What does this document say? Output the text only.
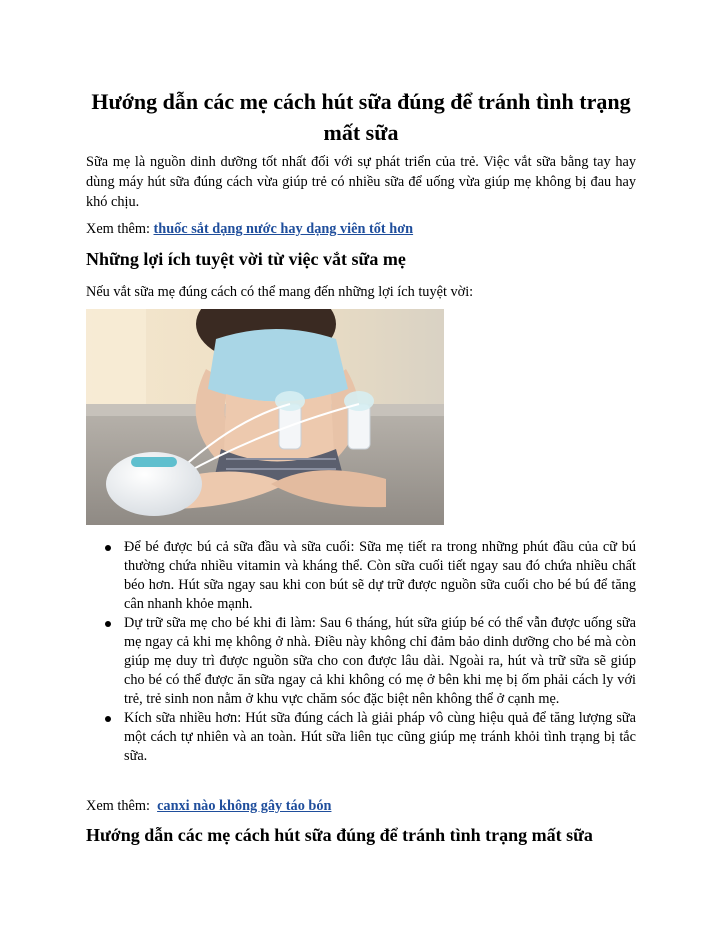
Hướng dẫn các mẹ cách hút sữa đúng để tránh tình trạng mất sữa

Sữa mẹ là nguồn dinh dưỡng tốt nhất đối với sự phát triển của trẻ. Việc vắt sữa bằng tay hay dùng máy hút sữa đúng cách vừa giúp trẻ có nhiều sữa để uống vừa giúp mẹ không bị đau hay khó chịu.

Xem thêm: thuốc sắt dạng nước hay dạng viên tốt hơn

Những lợi ích tuyệt vời từ việc vắt sữa mẹ

Nếu vắt sữa mẹ đúng cách có thể mang đến những lợi ích tuyệt vời:

Để bé được bú cả sữa đầu và sữa cuối: Sữa mẹ tiết ra trong những phút đầu của cữ bú thường chứa nhiều vitamin và kháng thể. Còn sữa cuối tiết ngay sau đó chứa nhiều chất béo hơn. Hút sữa ngay sau khi con bút sẽ dự trữ được nguồn sữa cuối cho bé bú để tăng cân nhanh khỏe mạnh.
Dự trữ sữa mẹ cho bé khi đi làm: Sau 6 tháng, hút sữa giúp bé có thể vẫn được uống sữa mẹ ngay cả khi mẹ không ở nhà. Điều này không chỉ đảm bảo dinh dưỡng cho bé mà còn giúp mẹ duy trì được nguồn sữa cho con được lâu dài. Ngoài ra, hút và trữ sữa sẽ giúp cho bé có thể được ăn sữa ngay cả khi không có mẹ ở bên khi mẹ bị ốm phải cách ly với trẻ, trẻ sinh non nằm ở khu vực chăm sóc đặc biệt nên không thể ở cạnh mẹ.
Kích sữa nhiều hơn: Hút sữa đúng cách là giải pháp vô cùng hiệu quả để tăng lượng sữa một cách tự nhiên và an toàn. Hút sữa liên tục cũng giúp mẹ tránh khỏi tình trạng bị tắc sữa.

Xem thêm:  canxi nào không gây táo bón

Hướng dẫn các mẹ cách hút sữa đúng để tránh tình trạng mất sữa
